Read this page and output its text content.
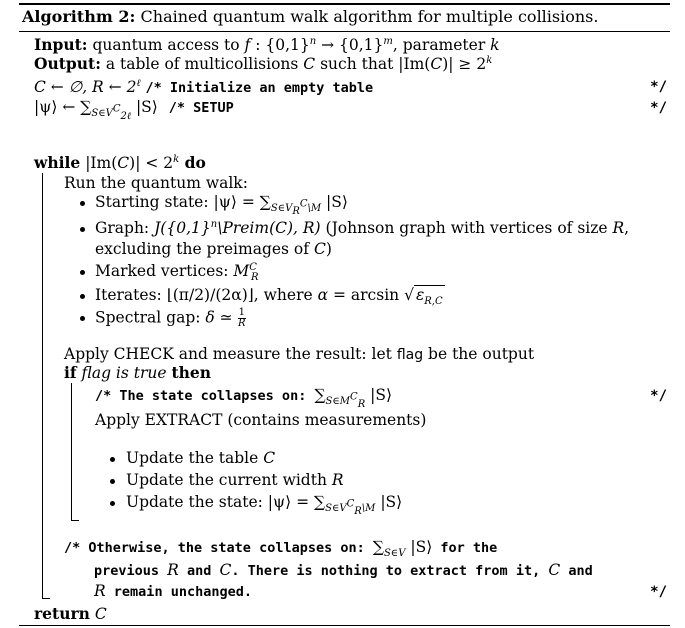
Algorithm 2: Chained quantum walk algorithm for multiple collisions.
Input: quantum access to f : $\{0,1\}^n \to \{0,1\}^m$, parameter k
Output: a table of multicollisions C such that $|Im(C)| \ge 2^k$
C ← ∅, R ← $2^\ell$ /* Initialize an empty table	*/
|ψ⟩ ← $\sum_{S\in V^C_{2\ell}}$ |S⟩ /* SETUP	*/
while $|Im(C)| < 2^k$ do
Run the quantum walk:
Starting state: |ψ⟩ = $\sum_{S\in V_R^C\backslash M}$ |S⟩
Graph: $J(\{0,1\}^n\backslash Preim(C)$, R) (Johnson graph with vertices of size R,
excluding the preimages of C)
Marked vertices: $M^C_R$
Iterates: ⌊(π/2)/(2α)⌋, where α = arcsin √ $\varepsilon_{R,C}$
Spectral gap: δ ≃ $\frac{1}{R}$
Apply CHECK and measure the result: let flag be the output
if flag is true then
/* The state collapses on: $\sum_{S\in M^C_R}$ |S⟩	*/
Apply EXTRACT (contains measurements)
Update the table C
Update the current width R
Update the state: |ψ⟩ = $\sum_{S\in V^C_R\backslash M}$ |S⟩
/* Otherwise, the state collapses on: $\sum_{S\in V}$ |S⟩ for the
previous R and C. There is nothing to extract from it, C and
R remain unchanged.	*/
return C
